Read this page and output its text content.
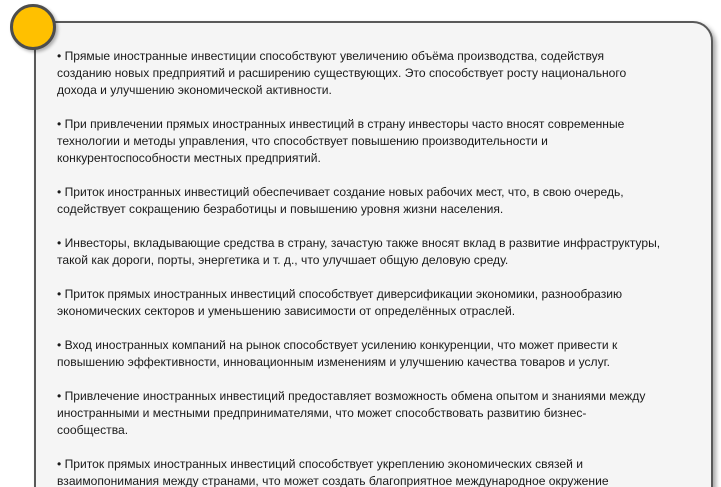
• Прямые иностранные инвестиции способствуют увеличению объёма производства, содействуя
созданию новых предприятий и расширению существующих. Это способствует росту национального
дохода и улучшению экономической активности.

• При привлечении прямых иностранных инвестиций в страну инвесторы часто вносят современные
технологии и методы управления, что способствует повышению производительности и
конкурентоспособности местных предприятий.

• Приток иностранных инвестиций обеспечивает создание новых рабочих мест, что, в свою очередь,
содействует сокращению безработицы и повышению уровня жизни населения.

• Инвесторы, вкладывающие средства в страну, зачастую также вносят вклад в развитие инфраструктуры,
такой как дороги, порты, энергетика и т. д., что улучшает общую деловую среду.

• Приток прямых иностранных инвестиций способствует диверсификации экономики, разнообразию
экономических секторов и уменьшению зависимости от определённых отраслей.

• Вход иностранных компаний на рынок способствует усилению конкуренции, что может привести к
повышению эффективности, инновационным изменениям и улучшению качества товаров и услуг.

• Привлечение иностранных инвестиций предоставляет возможность обмена опытом и знаниями между
иностранными и местными предпринимателями, что может способствовать развитию бизнес-
сообщества.

• Приток прямых иностранных инвестиций способствует укреплению экономических связей и
взаимопонимания между странами, что может создать благоприятное международное окружение
